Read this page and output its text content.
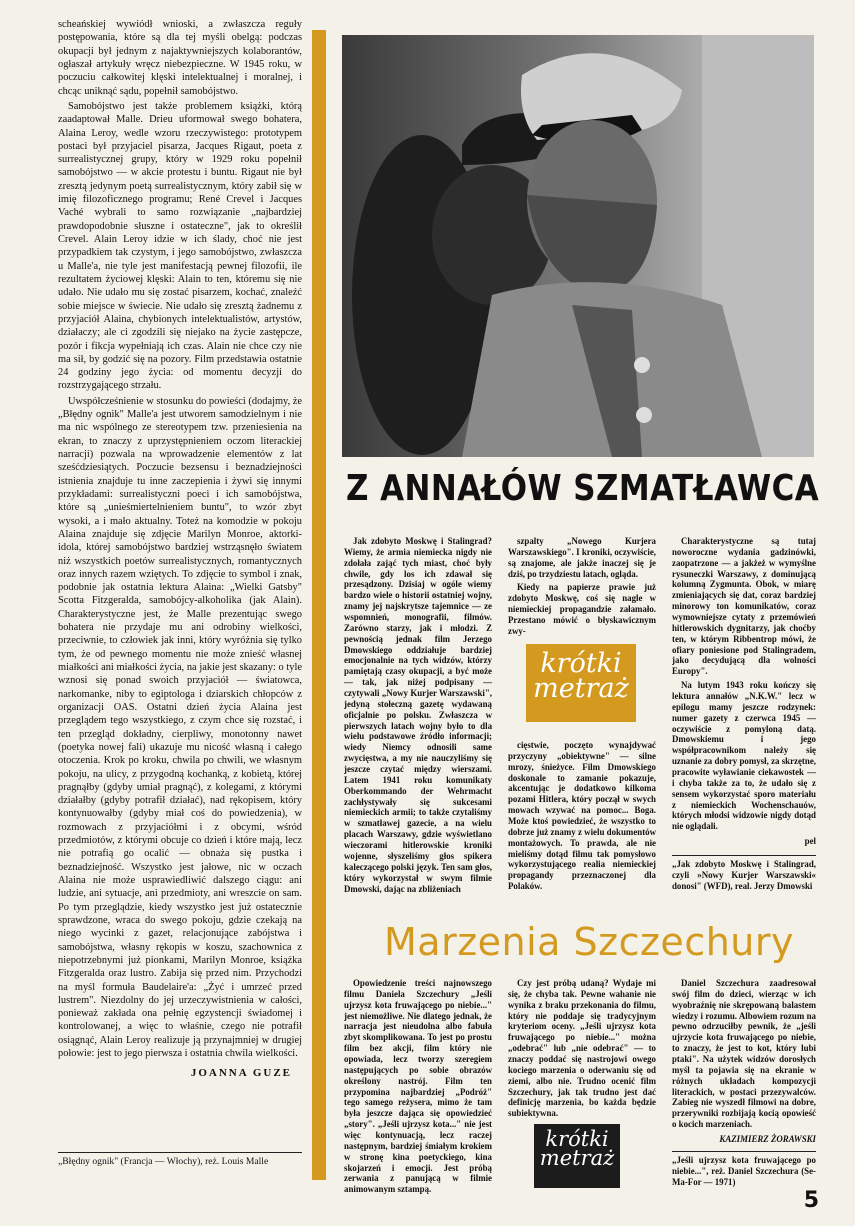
scheańskiej wywiódł wnioski, a zwłaszcza reguły postępowania, które są dla tej myśli obelgą: podczas okupacji był jednym z najaktywniejszych kolaborantów, ogłaszał artykuły wręcz niebezpieczne. W 1945 roku, w poczuciu całkowitej klęski intelektualnej i moralnej, i chcąc uniknąć sądu, popełnił samobójstwo.

Samobójstwo jest także problemem książki, którą zaadaptował Malle. Drieu uformował swego bohatera, Alaina Leroy, wedle wzoru rzeczywistego: prototypem postaci był przyjaciel pisarza, Jacques Rigaut, poeta z surrealistycznej grupy, który w 1929 roku popełnił samobójstwo — w akcie protestu i buntu. Rigaut nie był zresztą jedynym poetą surrealistycznym, który zabił się w imię filozoficznego programu; René Crevel i Jacques Vaché wybrali to samo rozwiązanie „najbardziej prawdopodobnie słuszne i ostateczne", jak to określił Crevel. Alain Leroy idzie w ich ślady, choć nie jest przypadkiem tak czystym, i jego samobójstwo, zwłaszcza u Malle'a, nie tyle jest manifestacją pewnej filozofii, ile rezultatem życiowej klęski: Alain to ten, któremu się nie udało. Nie udało mu się zostać pisarzem, kochać, znaleźć sobie miejsce w świecie. Nie udało się zresztą żadnemu z przyjaciół Alaina, chybionych intelektualistów, artystów, działaczy; ale ci zgodzili się niejako na życie zastępcze, pozór i fikcja wypełniają ich czas. Alain nie chce czy nie ma sił, by godzić się na pozory. Film przedstawia ostatnie 24 godziny jego życia: od momentu decyzji do rozstrzygającego strzału.

Uwspółcześnienie w stosunku do powieści (dodajmy, że „Błędny ognik" Malle'a jest utworem samodzielnym i nie ma nic wspólnego ze stereotypem tzw. przeniesienia na ekran, to znaczy z uprzystępnieniem oczom literackiej narracji) pozwala na wprowadzenie elementów z lat sześćdziesiątych. Poczucie bezsensu i beznadziejności istnienia znajduje tu inne zaczepienia i żywi się innymi przykładami: surrealistyczni poeci i ich samobójstwa, które są „unieśmiertelnieniem buntu", to wzór zbyt wysoki, a i mało aktualny. Toteż na komodzie w pokoju Alaina znajduje się zdjęcie Marilyn Monroe, aktorki-idola, której samobójstwo bardziej wstrząsnęło światem niż wszystkich poetów surrealistycznych, romantycznych oraz innych razem wziętych. To zdjęcie to symbol i znak, podobnie jak ostatnia lektura Alaina: „Wielki Gatsby" Scotta Fitzgeralda, samobójcy-alkoholika (jak Alain). Charakterystyczne jest, że Malle prezentując swego bohatera nie przydaje mu ani odrobiny wielkości, przeciwnie, to człowiek jak inni, który wyróżnia się tylko tym, że od pewnego momentu nie może znieść własnej miałkości ani miałkości życia, na jakie jest skazany: o tyle wznosi się ponad swoich przyjaciół — światowca, narkomanke, niby to egiptologa i dziarskich chłopców z organizacji OAS. Ostatni dzień życia Alaina jest przeglądem tego wszystkiego, z czym chce się rozstać, i ten przegląd dokładny, cierpliwy, monotonny nawet (poetyka nowej fali) ukazuje mu nicość własną i całego otoczenia. Krok po kroku, chwila po chwili, we własnym pokoju, na ulicy, z przygodną kochanką, z kobietą, której pragnąłby (gdyby umiał pragnąć), z kolegami, z którymi działałby (gdyby potrafił działać), nad rękopisem, który kontynuowałby (gdyby miał coś do powiedzenia), w rozmowach z przyjaciółmi i z obcymi, wśród przedmiotów, z którymi obcuje co dzień i które mają, lecz nie potrafią go ocalić — obnaża się pustka i beznadziejność. Wszystko jest jałowe, nic w oczach Alaina nie może usprawiedliwić dalszego ciągu: ani ludzie, ani sytuacje, ani przedmioty, ani wreszcie on sam. Po tym przeglądzie, kiedy wszystko jest już ostatecznie sprawdzone, wraca do swego pokoju, gdzie czekają na niego wycinki z gazet, relacjonujące zabójstwa i samobójstwa, własny rękopis w koszu, szachownica z niepotrzebnymi już pionkami, Marilyn Monroe, książka Fitzgeralda oraz lustro. Zabija się przed nim. Przychodzi na myśl formuła Baudelaire'a: „Żyć i umrzeć przed lustrem". Niezdolny do jej urzeczywistnienia w całości, ponieważ zakłada ona pełnię egzystencji świadomej i kontrolowanej, a więc to właśnie, czego nie potrafił osiągnąć, Alain Leroy realizuje ją przynajmniej w drugiej połowie: jest to jego pierwsza i ostatnia chwila wielkości.

JOANNA GUZE
„Błędny ognik" (Francja — Włochy), reż. Louis Malle
Z ANNAŁÓW SZMATŁAWCA

Jak zdobyto Moskwę i Stalingrad? Wiemy, że armia niemiecka nigdy nie zdołała zająć tych miast, choć były chwile, gdy los ich zdawał się przesądzony. Dzisiaj w ogóle wiemy bardzo wiele o historii ostatniej wojny, znamy jej najskrytsze tajemnice — ze wspomnień, monografii, filmów. Zarówno starzy, jak i młodzi. Z pewnością jednak film Jerzego Dmowskiego oddziałuje bardziej emocjonalnie na tych widzów, którzy pamiętają czasy okupacji, a być może — tak, jak niżej podpisany — czytywali „Nowy Kurjer Warszawski", jedyną stołeczną gazetę wydawaną oficjalnie po polsku. Zwłaszcza w pierwszych latach wojny było to dla wielu podstawowe źródło informacji; wiedy Niemcy odnosili same zwycięstwa, a my nie nauczyliśmy się jeszcze czytać między wierszami. Latem 1941 roku komunikaty Oberkommando der Wehrmacht zachłystywały się sukcesami niemieckich armii; to także czytaliśmy w szmatławej gazecie, a na wielu placach Warszawy, gdzie wyświetlano wieczorami hitlerowskie kroniki wojenne, słyszeliśmy głos spikera kaleczącego polski język. Ten sam głos, który wykorzystał w swym filmie Dmowski, dając na zbliżeniach

szpalty „Nowego Kurjera Warszawskiego". I kroniki, oczywiście, są znajome, ale jakże inaczej się je dziś, po trzydziestu latach, ogląda.

Kiedy na papierze prawie już zdobyto Moskwę, coś się nagle w niemieckiej propagandzie załamało. Przestano mówić o błyskawicznym zwy-

krótki
metraż

cięstwie, poczęto wynajdywać przyczyny „obiektywne" — silne mrozy, śnieżyce. Film Dmowskiego doskonale to zamanie pokazuje, akcentując je dodatkowo kilkoma pozami Hitlera, który począł w swych mowach wzywać na pomoc... Boga. Może ktoś powiedzieć, że wszystko to dobrze już znamy z wielu dokumentów montażowych. To prawda, ale nie mieliśmy dotąd filmu tak pomysłowo wykorzystującego realia niemieckiej propagandy przeznaczonej dla Polaków.

Charakterystyczne są tutaj noworoczne wydania gadzinówki, zaopatrzone — a jakżeż w wymyślne rysuneczki Warszawy, z dominującą kolumną Zygmunta. Obok, w miarę zmieniających się dat, coraz bardziej minorowy ton komunikatów, coraz wymowniejsze cytaty z przemówień hitlerowskich dygnitarzy, jak choćby ten, w którym Ribbentrop mówi, że ofiary poniesione pod Stalingradem, jako decydującą dla wolności Europy".

Na lutym 1943 roku kończy się lektura annałów „N.K.W." lecz w epilogu mamy jeszcze rodzynek: numer gazety z czerwca 1945 — oczywiście z pomyloną datą. Dmowskiemu i jego współpracownikom należy się uznanie za dobry pomysł, za skrzętne, pracowite wyławianie ciekawostek — i chyba także za to, że udało się z sensem wykorzystać sporo materiału z niemieckich Wochenschauów, których młodsi widzowie nigdy dotąd nie oglądali.

pel
„Jak zdobyto Moskwę i Stalingrad, czyli »Nowy Kurjer Warszawski« donosi" (WFD), real. Jerzy Dmowski
Marzenia Szczechury

Opowiedzenie treści najnowszego filmu Daniela Szczechury „Jeśli ujrzysz kota fruwającego po niebie..." jest niemożliwe. Nie dlatego jednak, że narracja jest nieudolna albo fabuła zbyt skomplikowana. To jest po prostu film bez akcji, film który nie opowiada, lecz tworzy szeregiem następujących po sobie obrazów określony nastrój. Film ten przypomina najbardziej „Podróż" tego samego reżysera, mimo że tam była jeszcze dająca się opowiedzieć „story". „Jeśli ujrzysz kota..." nie jest więc kontynuacją, lecz raczej następnym, bardziej śmiałym krokiem w stronę kina poetyckiego, kina skojarzeń i emocji. Jest próbą zerwania z panującą w filmie animowanym sztampą.

Czy jest próbą udaną? Wydaje mi się, że chyba tak. Pewne wahanie nie wynika z braku przekonania do filmu, który nie poddaje się tradycyjnym kryteriom oceny. „Jeśli ujrzysz kota fruwającego po niebie..." można „odebrać" lub „nie odebrać" — to znaczy poddać się nastrojowi owego kociego marzenia o oderwaniu się od ziemi, albo nie. Trudno ocenić film Szczechury, jak tak trudno jest dać definicję marzenia, bo każda będzie subiektywna.

krótki
metraż

Daniel Szczechura zaadresował swój film do dzieci, wierząc w ich wyobraźnię nie skrępowaną balastem wiedzy i rozumu. Albowiem rozum na pewno odrzuciłby pewnik, że „jeśli ujrzycie kota fruwającego po niebie, to znaczy, że jest to kot, który lubi ptaki". Na użytek widzów dorosłych myśl ta pojawia się na ekranie w różnych układach kompozycji literackich, w postaci przezywalców. Zabieg nie wyszedł filmowi na dobre, przerywniki rozbijają kocią opowieść o kocich marzeniach.

KAZIMIERZ ŻORAWSKI
„Jeśli ujrzysz kota fruwającego po niebie...", reż. Daniel Szczechura (Se-Ma-For — 1971)
5
